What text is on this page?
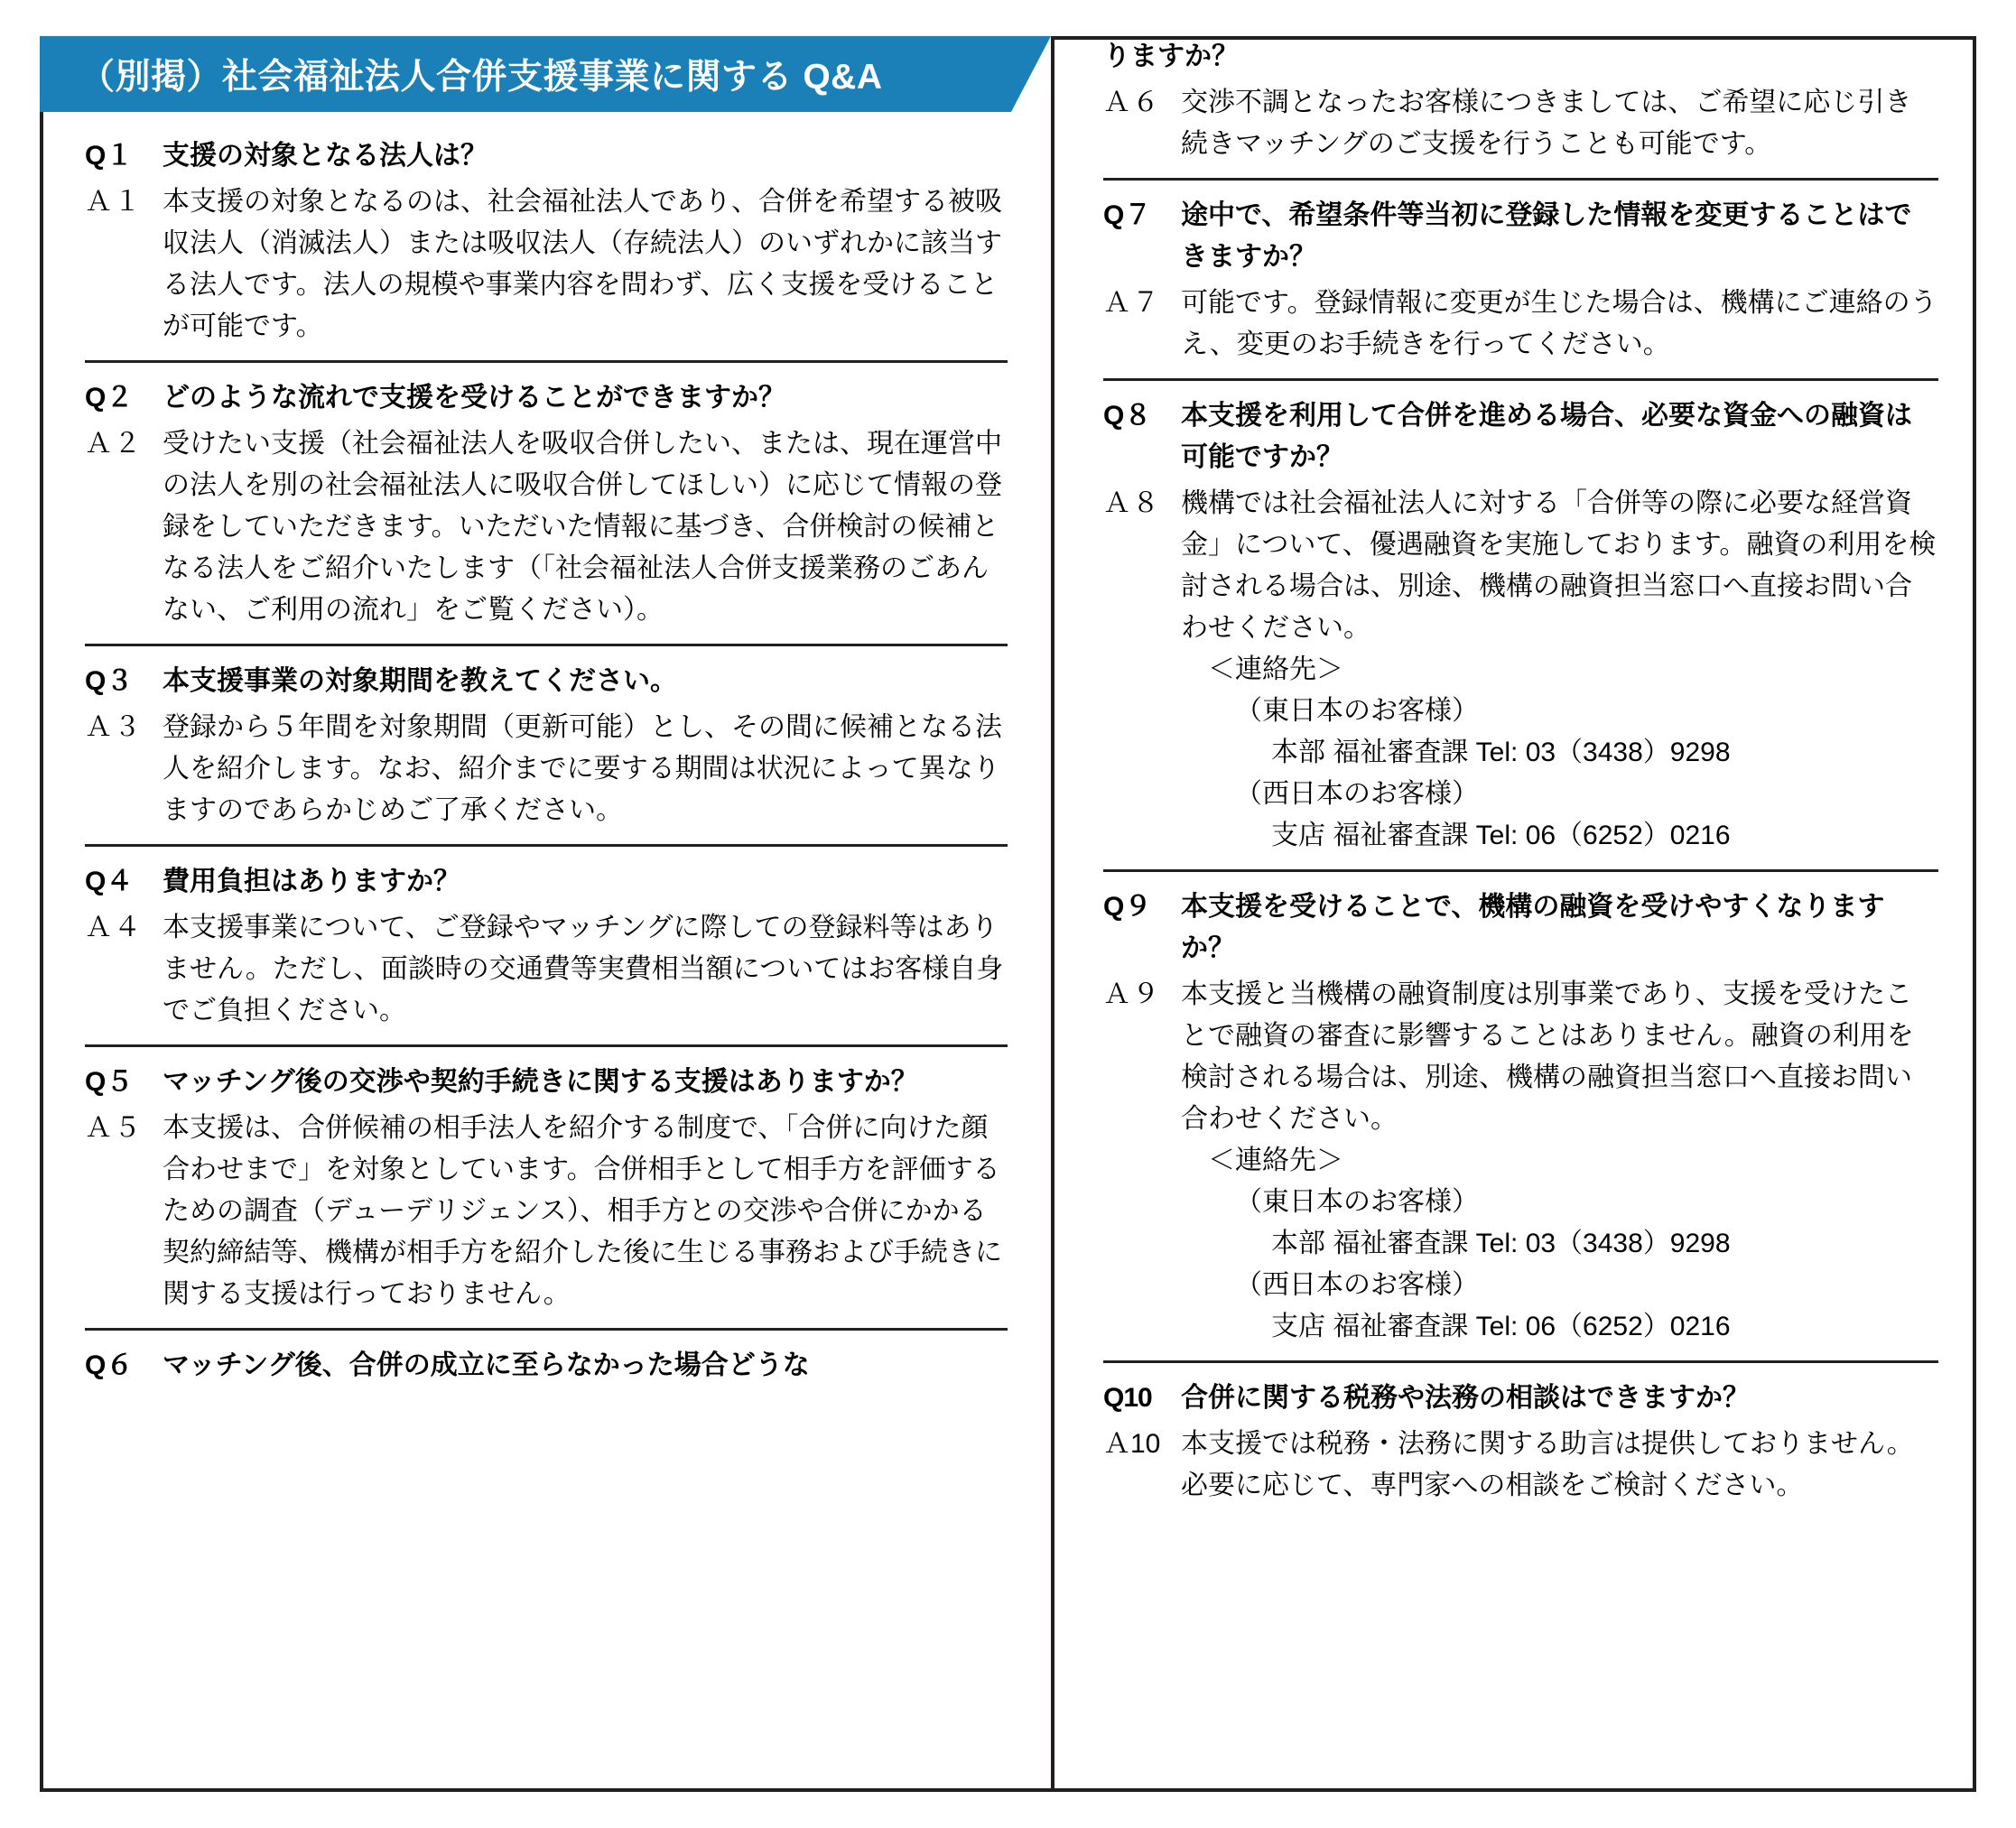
（別掲）社会福祉法人合併支援事業に関する Q&A
Q１	支援の対象となる法人は？
Ａ１ 本支援の対象となるのは、社会福祉法人であり、合併を希望する被吸収法人（消滅法人）または吸収法人（存続法人）のいずれかに該当する法人です。法人の規模や事業内容を問わず、広く支援を受けることが可能です。
Q２	どのような流れで支援を受けることができますか？
Ａ２ 受けたい支援（社会福祉法人を吸収合併したい、または、現在運営中の法人を別の社会福祉法人に吸収合併してほしい）に応じて情報の登録をしていただきます。いただいた情報に基づき、合併検討の候補となる法人をご紹介いたします（「社会福祉法人合併支援業務のごあんない、ご利用の流れ」をご覧ください）。
Q３	本支援事業の対象期間を教えてください。
Ａ３ 登録から５年間を対象期間（更新可能）とし、その間に候補となる法人を紹介します。なお、紹介までに要する期間は状況によって異なりますのであらかじめご了承ください。
Q４	費用負担はありますか？
Ａ４ 本支援事業について、ご登録やマッチングに際しての登録料等はありません。ただし、面談時の交通費等実費相当額についてはお客様自身でご負担ください。
Q５	マッチング後の交渉や契約手続きに関する支援はありますか？
Ａ５ 本支援は、合併候補の相手法人を紹介する制度で、「合併に向けた顔合わせまで」を対象としています。合併相手として相手方を評価するための調査（デューデリジェンス）、相手方との交渉や合併にかかる契約締結等、機構が相手方を紹介した後に生じる事務および手続きに関する支援は行っておりません。
Q６	マッチング後、合併の成立に至らなかった場合どうな
りますか？
Ａ６ 交渉不調となったお客様につきましては、ご希望に応じ引き続きマッチングのご支援を行うことも可能です。
Q７	途中で、希望条件等当初に登録した情報を変更することはできますか？
Ａ７ 可能です。登録情報に変更が生じた場合は、機構にご連絡のうえ、変更のお手続きを行ってください。
Q８	本支援を利用して合併を進める場合、必要な資金への融資は可能ですか？
Ａ８ 機構では社会福祉法人に対する「合併等の際に必要な経営資金」について、優遇融資を実施しております。融資の利用を検討される場合は、別途、機構の融資担当窓口へ直接お問い合わせください。
＜連絡先＞
（東日本のお客様）
本部 福祉審査課 Tel: 03（3438）9298
（西日本のお客様）
支店 福祉審査課 Tel: 06（6252）0216
Q９	本支援を受けることで、機構の融資を受けやすくなりますか？
Ａ９ 本支援と当機構の融資制度は別事業であり、支援を受けたことで融資の審査に影響することはありません。融資の利用を検討される場合は、別途、機構の融資担当窓口へ直接お問い合わせください。
＜連絡先＞
（東日本のお客様）
本部 福祉審査課 Tel: 03（3438）9298
（西日本のお客様）
支店 福祉審査課 Tel: 06（6252）0216
Q10	合併に関する税務や法務の相談はできますか？
Ａ10 本支援では税務・法務に関する助言は提供しておりません。必要に応じて、専門家への相談をご検討ください。
